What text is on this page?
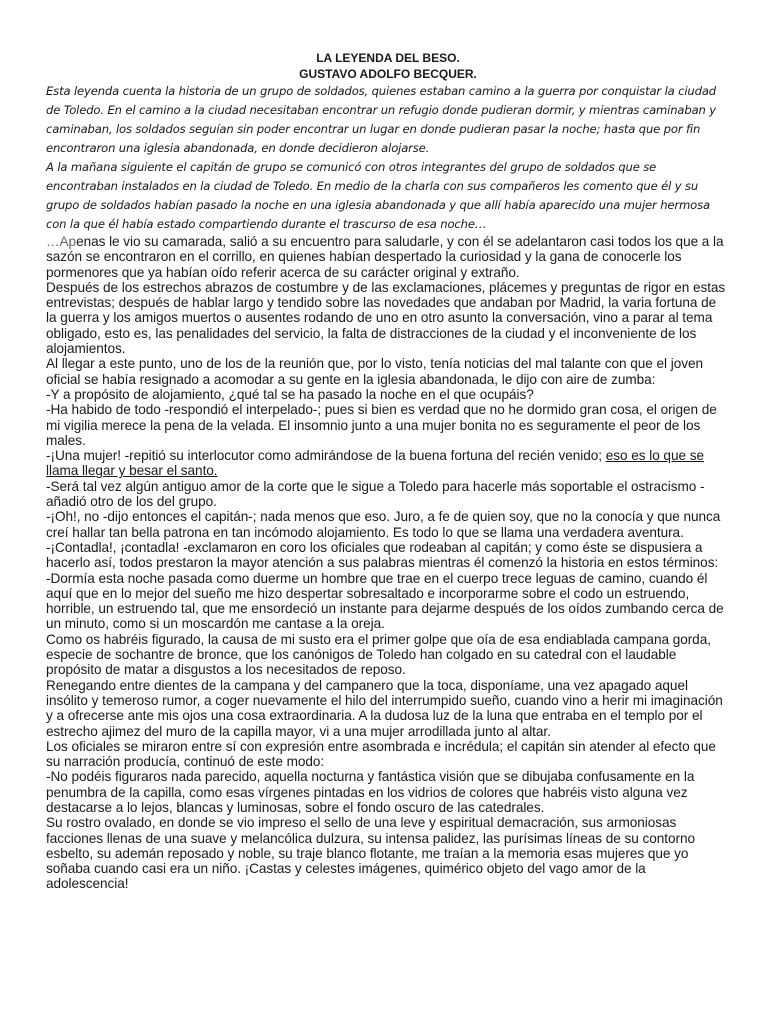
LA LEYENDA DEL BESO.

GUSTAVO ADOLFO BECQUER.

Esta leyenda cuenta la historia de un grupo de soldados, quienes estaban camino a la guerra por conquistar la ciudad de Toledo. En el camino a la ciudad necesitaban encontrar un refugio donde pudieran dormir, y mientras caminaban y caminaban, los soldados seguían sin poder encontrar un lugar en donde pudieran pasar la noche; hasta que por fin encontraron una iglesia abandonada, en donde decidieron alojarse.

A la mañana siguiente el capitán de grupo se comunicó con otros integrantes del grupo de soldados que se encontraban instalados en la ciudad de Toledo. En medio de la charla con sus compañeros les comento que él y su grupo de soldados habían pasado la noche en una iglesia abandonada y que allí había aparecido una mujer hermosa con la que él había estado compartiendo durante el trascurso de esa noche…

…Apenas le vio su camarada, salió a su encuentro para saludarle, y con él se adelantaron casi todos los que a la sazón se encontraron en el corrillo, en quienes habían despertado la curiosidad y la gana de conocerle los pormenores que ya habían oído referir acerca de su carácter original y extraño.

Después de los estrechos abrazos de costumbre y de las exclamaciones, plácemes y preguntas de rigor en estas entrevistas; después de hablar largo y tendido sobre las novedades que andaban por Madrid, la varia fortuna de la guerra y los amigos muertos o ausentes rodando de uno en otro asunto la conversación, vino a parar al tema obligado, esto es, las penalidades del servicio, la falta de distracciones de la ciudad y el inconveniente de los alojamientos.

Al llegar a este punto, uno de los de la reunión que, por lo visto, tenía noticias del mal talante con que el joven oficial se había resignado a acomodar a su gente en la iglesia abandonada, le dijo con aire de zumba:

-Y a propósito de alojamiento, ¿qué tal se ha pasado la noche en el que ocupáis?

-Ha habido de todo -respondió el interpelado-; pues si bien es verdad que no he dormido gran cosa, el origen de mi vigilia merece la pena de la velada. El insomnio junto a una mujer bonita no es seguramente el peor de los males.

-¡Una mujer! -repitió su interlocutor como admirándose de la buena fortuna del recién venido; eso es lo que se llama llegar y besar el santo.

-Será tal vez algún antiguo amor de la corte que le sigue a Toledo para hacerle más soportable el ostracismo -añadió otro de los del grupo.

-¡Oh!, no -dijo entonces el capitán-; nada menos que eso. Juro, a fe de quien soy, que no la conocía y que nunca creí hallar tan bella patrona en tan incómodo alojamiento. Es todo lo que se llama una verdadera aventura.

-¡Contadla!, ¡contadla! -exclamaron en coro los oficiales que rodeaban al capitán; y como éste se dispusiera a hacerlo así, todos prestaron la mayor atención a sus palabras mientras él comenzó la historia en estos términos:

-Dormía esta noche pasada como duerme un hombre que trae en el cuerpo trece leguas de camino, cuando él aquí que en lo mejor del sueño me hizo despertar sobresaltado e incorporarme sobre el codo un estruendo, horrible, un estruendo tal, que me ensordeció un instante para dejarme después de los oídos zumbando cerca de un minuto, como si un moscardón me cantase a la oreja.

Como os habréis figurado, la causa de mi susto era el primer golpe que oía de esa endiablada campana gorda, especie de sochantre de bronce, que los canónigos de Toledo han colgado en su catedral con el laudable propósito de matar a disgustos a los necesitados de reposo.

Renegando entre dientes de la campana y del campanero que la toca, disponíame, una vez apagado aquel insólito y temeroso rumor, a coger nuevamente el hilo del interrumpido sueño, cuando vino a herir mi imaginación y a ofrecerse ante mis ojos una cosa extraordinaria. A la dudosa luz de la luna que entraba en el templo por el estrecho ajimez del muro de la capilla mayor, vi a una mujer arrodillada junto al altar.

Los oficiales se miraron entre sí con expresión entre asombrada e incrédula; el capitán sin atender al efecto que su narración producía, continuó de este modo:

-No podéis figuraros nada parecido, aquella nocturna y fantástica visión que se dibujaba confusamente en la penumbra de la capilla, como esas vírgenes pintadas en los vidrios de colores que habréis visto alguna vez destacarse a lo lejos, blancas y luminosas, sobre el fondo oscuro de las catedrales.

Su rostro ovalado, en donde se vio impreso el sello de una leve y espiritual demacración, sus armoniosas facciones llenas de una suave y melancólica dulzura, su intensa palidez, las purísimas líneas de su contorno esbelto, su ademán reposado y noble, su traje blanco flotante, me traían a la memoria esas mujeres que yo soñaba cuando casi era un niño. ¡Castas y celestes imágenes, quimérico objeto del vago amor de la adolescencia!
